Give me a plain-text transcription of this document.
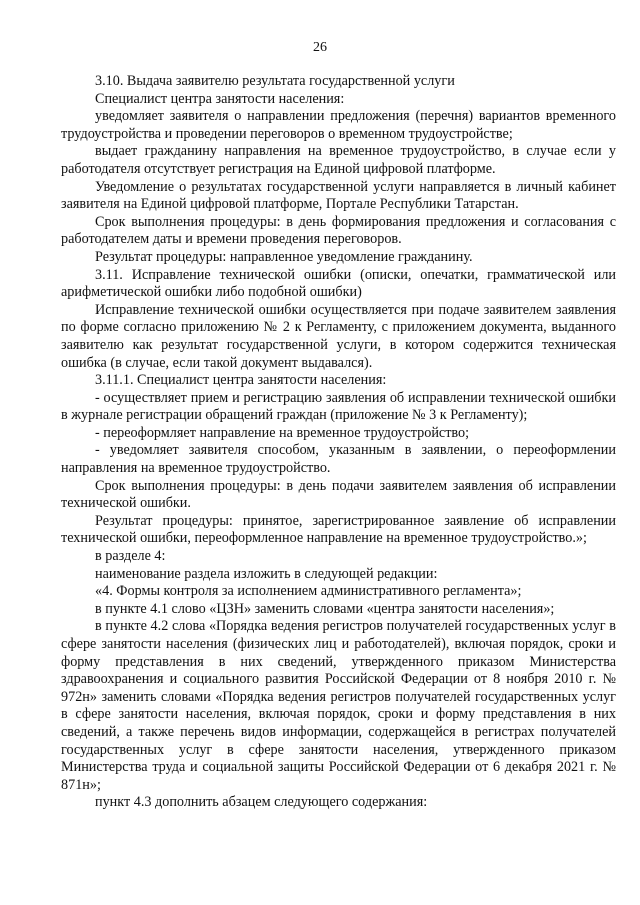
26

3.10. Выдача заявителю результата государственной услуги

Специалист центра занятости населения:

уведомляет заявителя о направлении предложения (перечня) вариантов временного трудоустройства и проведении переговоров о временном трудоустройстве;

выдает гражданину направления на временное трудоустройство, в случае если у работодателя отсутствует регистрация на Единой цифровой платформе.

Уведомление о результатах государственной услуги направляется в личный кабинет заявителя на Единой цифровой платформе, Портале Республики Татарстан.

Срок выполнения процедуры: в день формирования предложения и согласования с работодателем даты и времени проведения переговоров.

Результат процедуры: направленное уведомление гражданину.

3.11. Исправление технической ошибки (описки, опечатки, грамматической или арифметической ошибки либо подобной ошибки)

Исправление технической ошибки осуществляется при подаче заявителем заявления по форме согласно приложению № 2 к Регламенту, с приложением документа, выданного заявителю как результат государственной услуги, в котором содержится техническая ошибка (в случае, если такой документ выдавался).

3.11.1. Специалист центра занятости населения:

- осуществляет прием и регистрацию заявления об исправлении технической ошибки в журнале регистрации обращений граждан (приложение № 3 к Регламенту);

- переоформляет направление на временное трудоустройство;

- уведомляет заявителя способом, указанным в заявлении, о переоформлении направления на временное трудоустройство.

Срок выполнения процедуры: в день подачи заявителем заявления об исправлении технической ошибки.

Результат процедуры: принятое, зарегистрированное заявление об исправлении технической ошибки, переоформленное направление на временное трудоустройство.»;

в разделе 4:

наименование раздела изложить в следующей редакции:

«4. Формы контроля за исполнением административного регламента»;

в пункте 4.1 слово «ЦЗН» заменить словами «центра занятости населения»;

в пункте 4.2 слова «Порядка ведения регистров получателей государственных услуг в сфере занятости населения (физических лиц и работодателей), включая порядок, сроки и форму представления в них сведений, утвержденного приказом Министерства здравоохранения и социального развития Российской Федерации от 8 ноября 2010 г. № 972н» заменить словами «Порядка ведения регистров получателей государственных услуг в сфере занятости населения, включая порядок, сроки и форму представления в них сведений, а также перечень видов информации, содержащейся в регистрах получателей государственных услуг в сфере занятости населения, утвержденного приказом Министерства труда и социальной защиты Российской Федерации от 6 декабря 2021 г. № 871н»;

пункт 4.3 дополнить абзацем следующего содержания:
